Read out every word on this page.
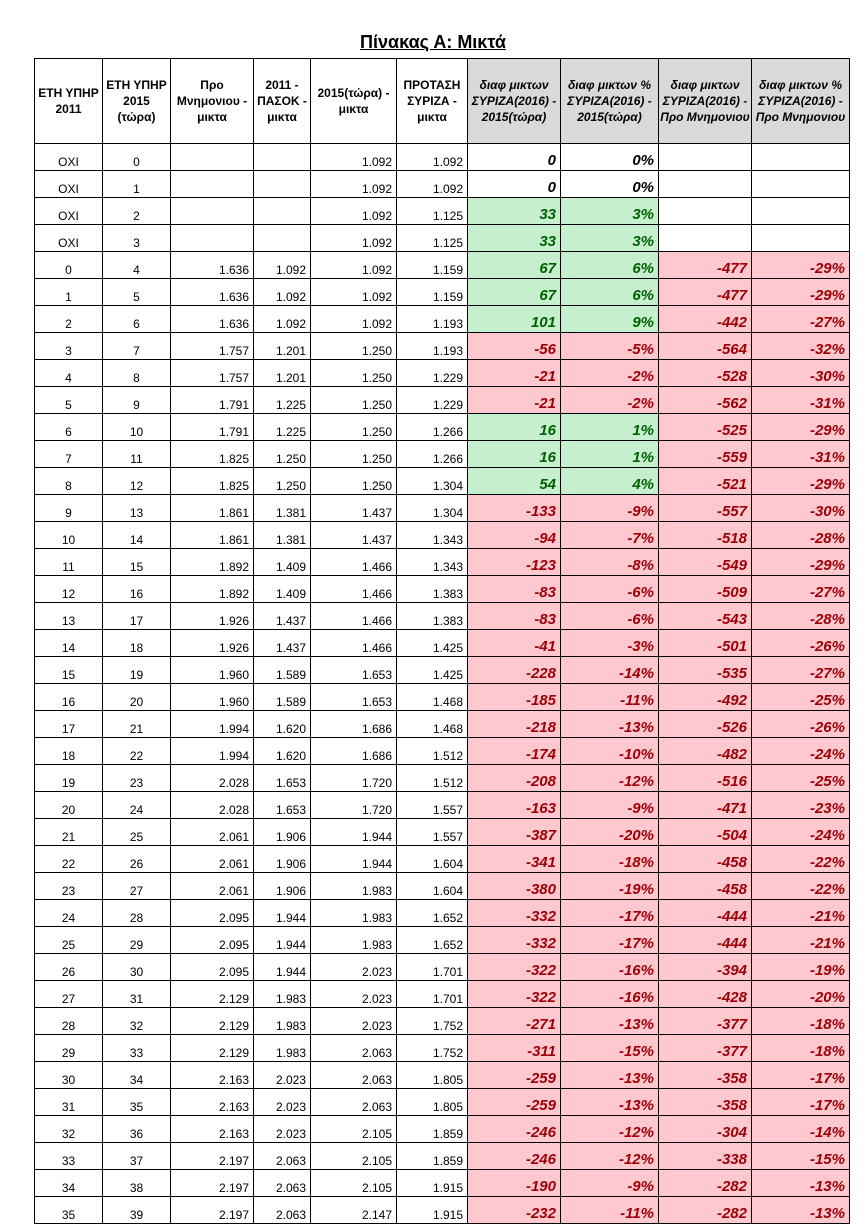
Πίνακας Α: Μικτά
ΕΤΗ ΥΠΗΡ 2011	ΕΤΗ ΥΠΗΡ 2015 (τώρα)	Προ Μνημονιου - μικτα	2011 - ΠΑΣΟΚ - μικτα	2015(τώρα) - μικτα	ΠΡΟΤΑΣΗ ΣΥΡΙΖΑ - μικτα	διαφ μικτων ΣΥΡΙΖΑ(2016) - 2015(τώρα)	διαφ μικτων % ΣΥΡΙΖΑ(2016) - 2015(τώρα)	διαφ μικτων ΣΥΡΙΖΑ(2016) - Προ Μνημονιου	διαφ μικτων % ΣΥΡΙΖΑ(2016) - Προ Μνημονιου
ΟΧΙ	0			1.092	1.092	0	0%		
ΟΧΙ	1			1.092	1.092	0	0%		
ΟΧΙ	2			1.092	1.125	33	3%		
ΟΧΙ	3			1.092	1.125	33	3%		
0	4	1.636	1.092	1.092	1.159	67	6%	-477	-29%
1	5	1.636	1.092	1.092	1.159	67	6%	-477	-29%
2	6	1.636	1.092	1.092	1.193	101	9%	-442	-27%
3	7	1.757	1.201	1.250	1.193	-56	-5%	-564	-32%
4	8	1.757	1.201	1.250	1.229	-21	-2%	-528	-30%
5	9	1.791	1.225	1.250	1.229	-21	-2%	-562	-31%
6	10	1.791	1.225	1.250	1.266	16	1%	-525	-29%
7	11	1.825	1.250	1.250	1.266	16	1%	-559	-31%
8	12	1.825	1.250	1.250	1.304	54	4%	-521	-29%
9	13	1.861	1.381	1.437	1.304	-133	-9%	-557	-30%
10	14	1.861	1.381	1.437	1.343	-94	-7%	-518	-28%
11	15	1.892	1.409	1.466	1.343	-123	-8%	-549	-29%
12	16	1.892	1.409	1.466	1.383	-83	-6%	-509	-27%
13	17	1.926	1.437	1.466	1.383	-83	-6%	-543	-28%
14	18	1.926	1.437	1.466	1.425	-41	-3%	-501	-26%
15	19	1.960	1.589	1.653	1.425	-228	-14%	-535	-27%
16	20	1.960	1.589	1.653	1.468	-185	-11%	-492	-25%
17	21	1.994	1.620	1.686	1.468	-218	-13%	-526	-26%
18	22	1.994	1.620	1.686	1.512	-174	-10%	-482	-24%
19	23	2.028	1.653	1.720	1.512	-208	-12%	-516	-25%
20	24	2.028	1.653	1.720	1.557	-163	-9%	-471	-23%
21	25	2.061	1.906	1.944	1.557	-387	-20%	-504	-24%
22	26	2.061	1.906	1.944	1.604	-341	-18%	-458	-22%
23	27	2.061	1.906	1.983	1.604	-380	-19%	-458	-22%
24	28	2.095	1.944	1.983	1.652	-332	-17%	-444	-21%
25	29	2.095	1.944	1.983	1.652	-332	-17%	-444	-21%
26	30	2.095	1.944	2.023	1.701	-322	-16%	-394	-19%
27	31	2.129	1.983	2.023	1.701	-322	-16%	-428	-20%
28	32	2.129	1.983	2.023	1.752	-271	-13%	-377	-18%
29	33	2.129	1.983	2.063	1.752	-311	-15%	-377	-18%
30	34	2.163	2.023	2.063	1.805	-259	-13%	-358	-17%
31	35	2.163	2.023	2.063	1.805	-259	-13%	-358	-17%
32	36	2.163	2.023	2.105	1.859	-246	-12%	-304	-14%
33	37	2.197	2.063	2.105	1.859	-246	-12%	-338	-15%
34	38	2.197	2.063	2.105	1.915	-190	-9%	-282	-13%
35	39	2.197	2.063	2.147	1.915	-232	-11%	-282	-13%
